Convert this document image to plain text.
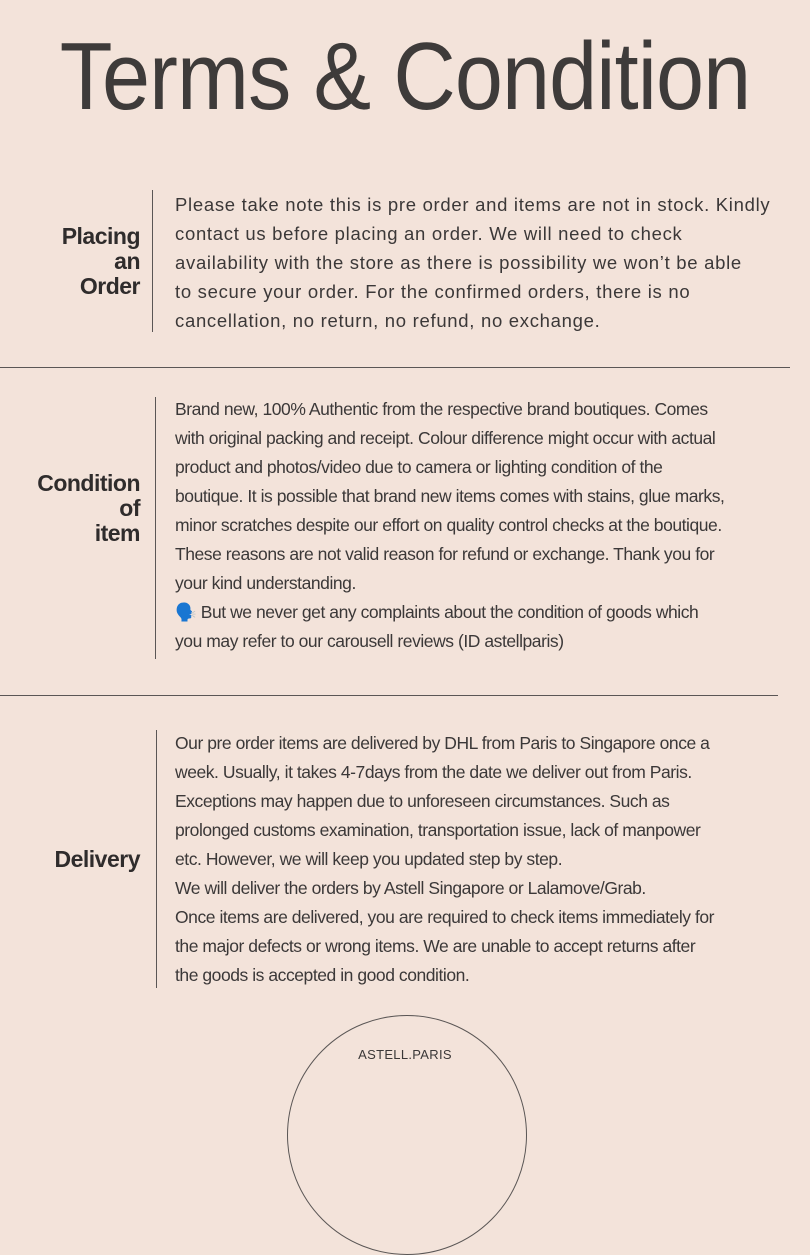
Terms & Condition
Placing
an
Order
Please take note this is pre order and items are not in stock. Kindly
contact us before placing an order. We will need to check
availability with the store as there is possibility we won’t be able
to secure your order. For the confirmed orders, there is no
cancellation, no return, no refund, no exchange.
Condition
of
item
Brand new, 100% Authentic from the respective brand boutiques. Comes
with original packing and receipt. Colour difference might occur with actual
product and photos/video due to camera or lighting condition of the
boutique. It is possible that brand new items comes with stains, glue marks,
minor scratches despite our effort on quality control checks at the boutique.
These reasons are not valid reason for refund or exchange. Thank you for
your kind understanding.
🗣️ But we never get any complaints about the condition of goods which
you may refer to our carousell reviews (ID astellparis)
Delivery
Our pre order items are delivered by DHL from Paris to Singapore once a
week. Usually, it takes 4-7days from the date we deliver out from Paris.
Exceptions may happen due to unforeseen circumstances. Such as
prolonged customs examination, transportation issue, lack of manpower
etc. However, we will keep you updated step by step.
We will deliver the orders by Astell Singapore or Lalamove/Grab.
Once items are delivered, you are required to check items immediately for
the major defects or wrong items. We are unable to accept returns after
the goods is accepted in good condition.
ASTELL.PARIS
